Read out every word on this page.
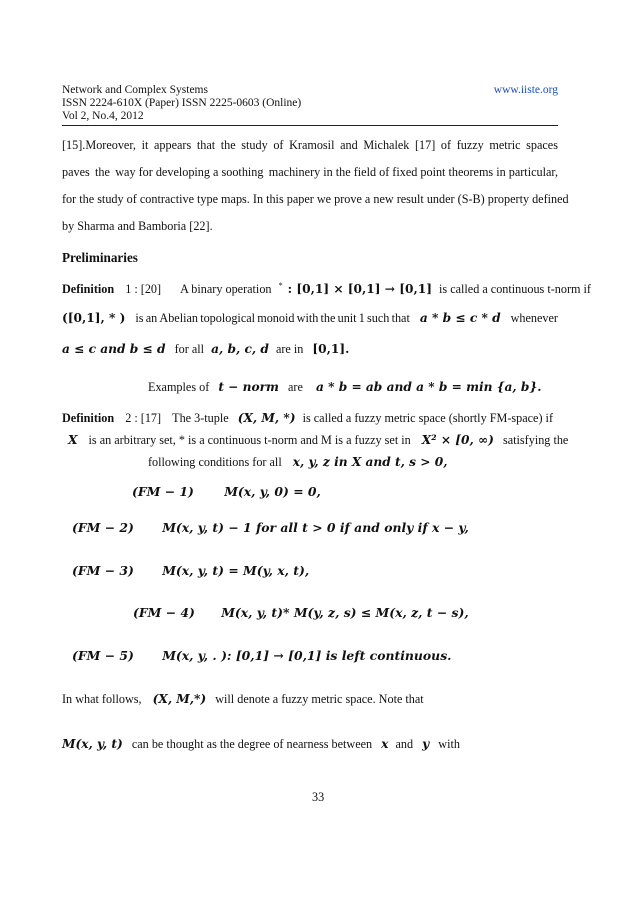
Network and Complex Systems	www.iiste.org
ISSN 2224-610X (Paper) ISSN 2225-0603 (Online)
Vol 2, No.4, 2012
[15].Moreover, it appears that the study of Kramosil and Michalek [17] of fuzzy metric spaces
paves the way for developing a soothing machinery in the field of fixed point theorems in particular,
for the study of contractive type maps. In this paper we prove a new result under (S-B) property defined
by Sharma and Bamboria [22].
Preliminaries
Definition 1 : [20] A binary operation * : [0,1] × [0,1] → [0,1] is called a continuous t-norm if
([0,1], * ) is an Abelian topological monoid with the unit 1 such that a * b ≤ c * d whenever
a ≤ c and b ≤ d for all a, b, c, d are in [0,1].
Examples of t − norm are a * b = ab and a * b = min {a, b}.
Definition 2 : [17] The 3-tuple (X, M, *) is called a fuzzy metric space (shortly FM-space) if
X is an arbitrary set, * is a continuous t-norm and M is a fuzzy set in X² × [0, ∞) satisfying the
following conditions for all x, y, z in X and t, s > 0,
(FM − 1) M(x, y, 0) = 0,
(FM − 2) M(x, y, t) − 1 for all t > 0 if and only if x − y,
(FM − 3) M(x, y, t) = M(y, x, t),
(FM − 4) M(x, y, t)* M(y, z, s) ≤ M(x, z, t − s),
(FM − 5) M(x, y, . ): [0,1] → [0,1] is left continuous.
In what follows, (X, M,*) will denote a fuzzy metric space. Note that
M(x, y, t) can be thought as the degree of nearness between x and y with
33
